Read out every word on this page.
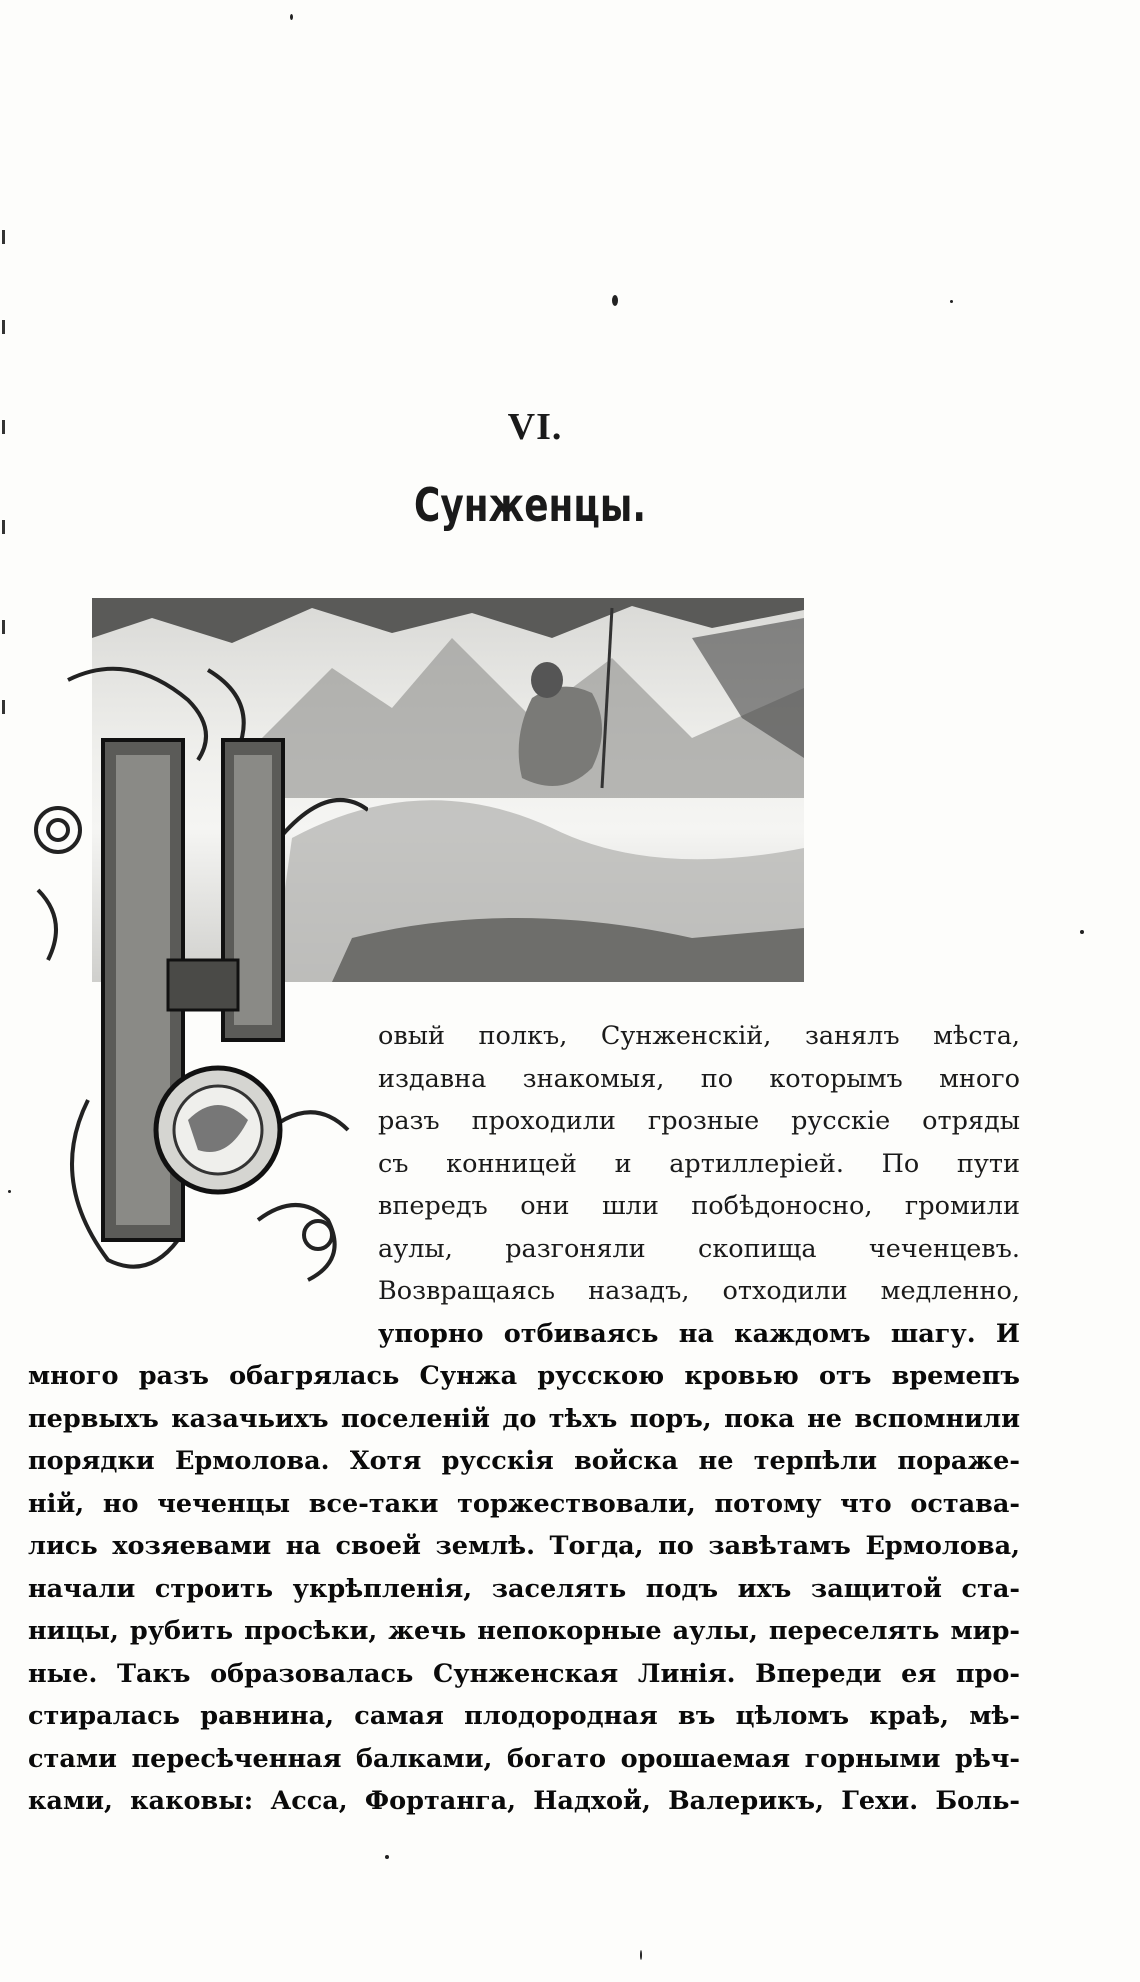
VI.
Сунженцы.
овый полкъ, Сунженскій, занялъ мѣста,
издавна знакомыя, по которымъ много
разъ проходили грозные русскіе отряды
съ конницей и артиллеріей. По пути
впередъ они шли побѣдоносно, громили
аулы, разгоняли скопища чеченцевъ.
Возвращаясь назадъ, отходили медленно,
упорно отбиваясь на каждомъ шагу. И
много разъ обагрялась Сунжа русскою кровью отъ времепъ
первыхъ казачьихъ поселеній до тѣхъ поръ, пока не вспомнили
порядки Ермолова. Хотя русскія войска не терпѣли пораже-
ній, но чеченцы все-таки торжествовали, потому что остава-
лись хозяевами на своей землѣ. Тогда, по завѣтамъ Ермолова,
начали строить укрѣпленія, заселять подъ ихъ защитой ста-
ницы, рубить просѣки, жечь непокорные аулы, переселять мир-
ные. Такъ образовалась Сунженская Линія. Впереди ея про-
стиралась равнина, самая плодородная въ цѣломъ краѣ, мѣ-
стами пересѣченная балками, богато орошаемая горными рѣч-
ками, каковы: Асса, Фортанга, Надхой, Валерикъ, Гехи. Боль-
